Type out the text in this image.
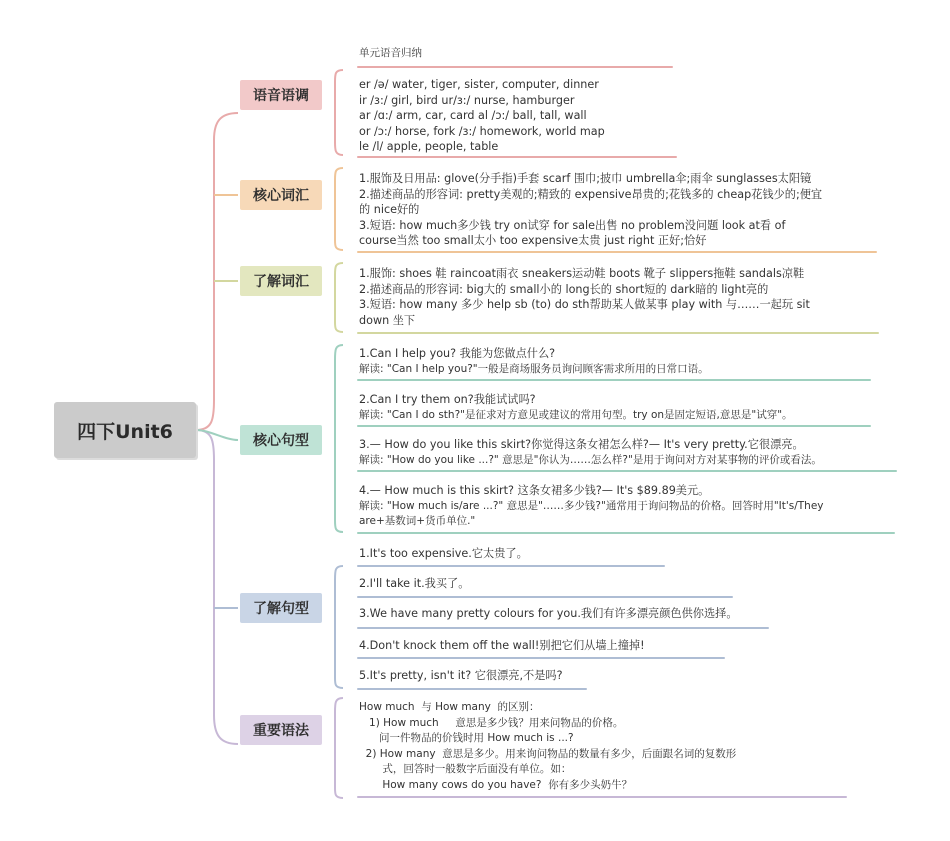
四下Unit6
语音语调
单元语音归纳
er /ə/ water, tiger, sister, computer, dinner
ir /ɜ:/ girl, bird ur/ɜ:/ nurse, hamburger
ar /ɑ:/ arm, car, card al /ɔ:/ ball, tall, wall
or /ɔ:/ horse, fork /ɜ:/ homework, world map
le /l/ apple, people, table
核心词汇
1.服饰及日用品: glove(分手指)手套 scarf 围巾;披巾 umbrella伞;雨伞 sunglasses太阳镜
2.描述商品的形容词: pretty美观的;精致的 expensive昂贵的;花钱多的 cheap花钱少的;便宜
的 nice好的
3.短语: how much多少钱 try on试穿 for sale出售 no problem没问题 look at看 of
course当然 too small太小 too expensive太贵 just right 正好;恰好
了解词汇
1.服饰: shoes 鞋 raincoat雨衣 sneakers运动鞋 boots 靴子 slippers拖鞋 sandals凉鞋
2.描述商品的形容词: big大的 small小的 long长的 short短的 dark暗的 light亮的
3.短语: how many 多少 help sb (to) do sth帮助某人做某事 play with 与……一起玩 sit
down 坐下
核心句型
1.Can I help you? 我能为您做点什么?
解读: "Can I help you?"一般是商场服务员询问顾客需求所用的日常口语。
2.Can I try them on?我能试试吗?
解读: "Can I do sth?"是征求对方意见或建议的常用句型。try on是固定短语,意思是"试穿"。
3.— How do you like this skirt?你觉得这条女裙怎么样?— It's very pretty.它很漂亮。
解读: "How do you like ...?" 意思是"你认为……怎么样?"是用于询问对方对某事物的评价或看法。
4.— How much is this skirt? 这条女裙多少钱?— It's $89.89美元。
解读: "How much is/are ...?" 意思是"……多少钱?"通常用于询问物品的价格。回答时用"It's/They
are+基数词+货币单位."
了解句型
1.It's too expensive.它太贵了。
2.I'll take it.我买了。
3.We have many pretty colours for you.我们有许多漂亮颜色供你选择。
4.Don't knock them off the wall!别把它们从墙上撞掉!
5.It's pretty, isn't it? 它很漂亮,不是吗?
重要语法
How much  与 How many  的区别：
1) How much     意思是多少钱？用来问物品的价格。
问一件物品的价钱时用 How much is ...?
2) How many  意思是多少。用来询问物品的数量有多少，后面跟名词的复数形
式，回答时一般数字后面没有单位。如：
How many cows do you have?  你有多少头奶牛？
